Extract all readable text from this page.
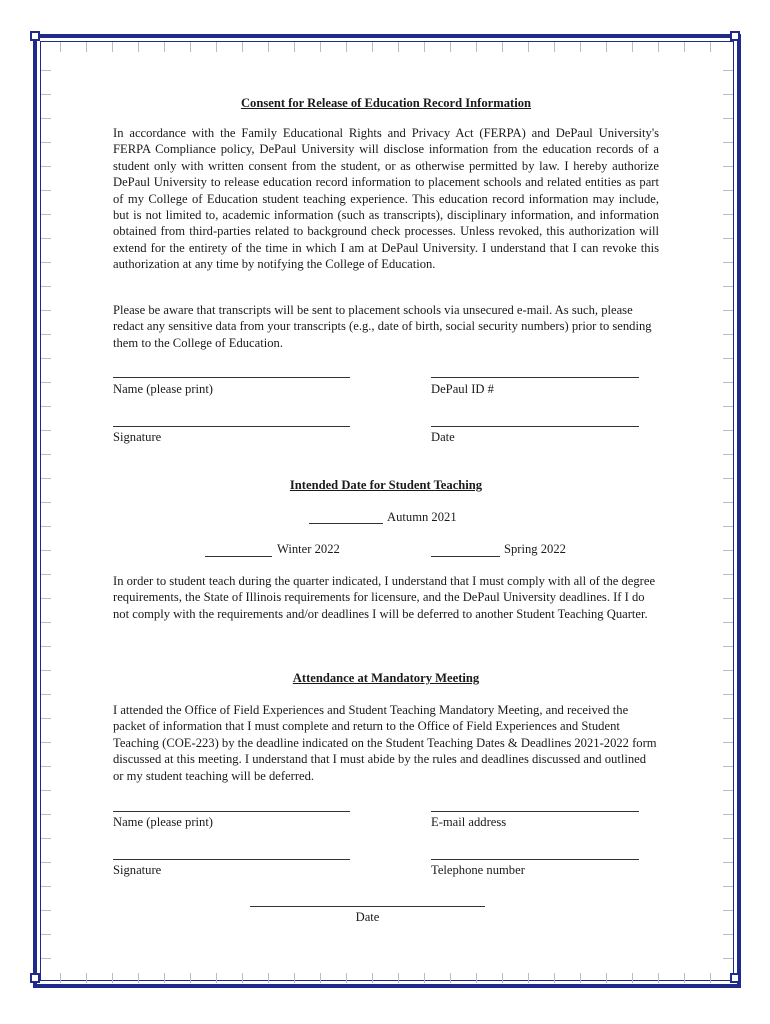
Consent for Release of Education Record Information

In accordance with the Family Educational Rights and Privacy Act (FERPA) and DePaul University's FERPA Compliance policy, DePaul University will disclose information from the education records of a student only with written consent from the student, or as otherwise permitted by law. I hereby authorize DePaul University to release education record information to placement schools and related entities as part of my College of Education student teaching experience. This education record information may include, but is not limited to, academic information (such as transcripts), disciplinary information, and information obtained from third-parties related to background check processes. Unless revoked, this authorization will extend for the entirety of the time in which I am at DePaul University. I understand that I can revoke this authorization at any time by notifying the College of Education.

Please be aware that transcripts will be sent to placement schools via unsecured e-mail. As such, please redact any sensitive data from your transcripts (e.g., date of birth, social security numbers) prior to sending them to the College of Education.

Name (please print)	DePaul ID #
Signature	Date
Intended Date for Student Teaching
Autumn 2021
Winter 2022	Spring 2022

In order to student teach during the quarter indicated, I understand that I must comply with all of the degree requirements, the State of Illinois requirements for licensure, and the DePaul University deadlines. If I do not comply with the requirements and/or deadlines I will be deferred to another Student Teaching Quarter.

Attendance at Mandatory Meeting

I attended the Office of Field Experiences and Student Teaching Mandatory Meeting, and received the packet of information that I must complete and return to the Office of Field Experiences and Student Teaching (COE-223) by the deadline indicated on the Student Teaching Dates & Deadlines 2021-2022 form discussed at this meeting. I understand that I must abide by the rules and deadlines discussed and outlined or my student teaching will be deferred.

Name (please print)	E-mail address
Signature	Telephone number
Date
